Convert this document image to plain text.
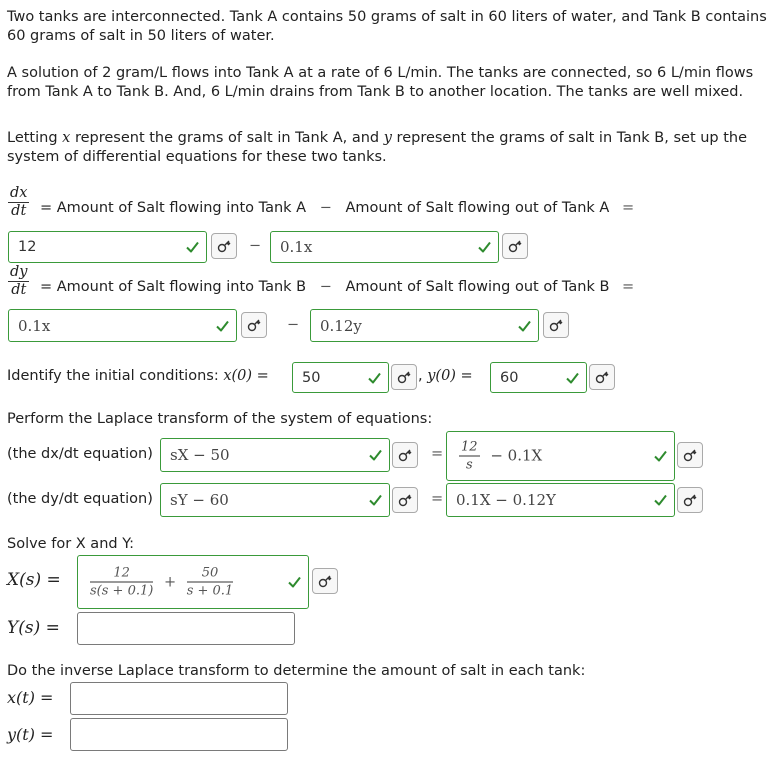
Two tanks are interconnected. Tank A contains 50 grams of salt in 60 liters of water, and Tank B contains 60 grams of salt in 50 liters of water.

A solution of 2 gram/L flows into Tank A at a rate of 6 L/min. The tanks are connected, so 6 L/min flows from Tank A to Tank B. And, 6 L/min drains from Tank B to another location. The tanks are well mixed.

Letting x represent the grams of salt in Tank A, and y represent the grams of salt in Tank B, set up the system of differential equations for these two tanks.

$\frac{dx}{dt}$ = Amount of Salt flowing into Tank A − Amount of Salt flowing out of Tank A =
12	− 0.1x
$\frac{dy}{dt}$ = Amount of Salt flowing into Tank B − Amount of Salt flowing out of Tank B =
0.1x	− 0.12y
Identify the initial conditions: x(0) = 50	, y(0) = 60
Perform the Laplace transform of the system of equations:
(the dx/dt equation) sX − 50	= $\frac{12}{s} - 0.1X$
(the dy/dt equation) sY − 60	= 0.1X − 0.12Y
Solve for X and Y:
$X(s) = \frac{12}{s(s + 0.1)} + \frac{50}{s + 0.1}$
Y(s) =
Do the inverse Laplace transform to determine the amount of salt in each tank:
x(t) =
y(t) =
